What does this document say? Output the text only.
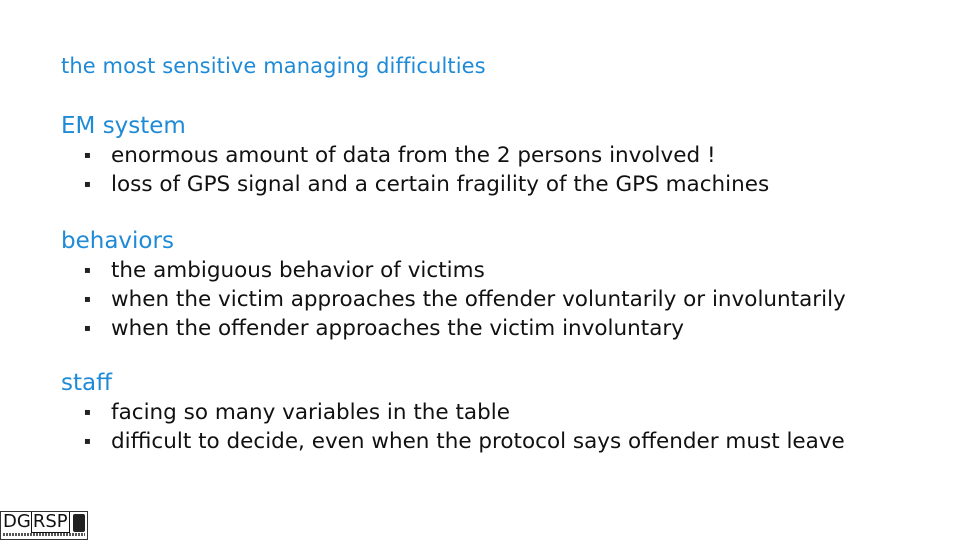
the most sensitive managing difficulties
EM system
▪ enormous amount of data from the 2 persons involved !
▪ loss of GPS signal and a certain fragility of the GPS machines
behaviors
▪ the ambiguous behavior of victims
▪ when the victim approaches the offender voluntarily or involuntarily
▪ when the offender approaches the victim involuntary
staff
▪ facing so many variables in the table
▪ difficult to decide, even when the protocol says offender must leave
DG RSP
